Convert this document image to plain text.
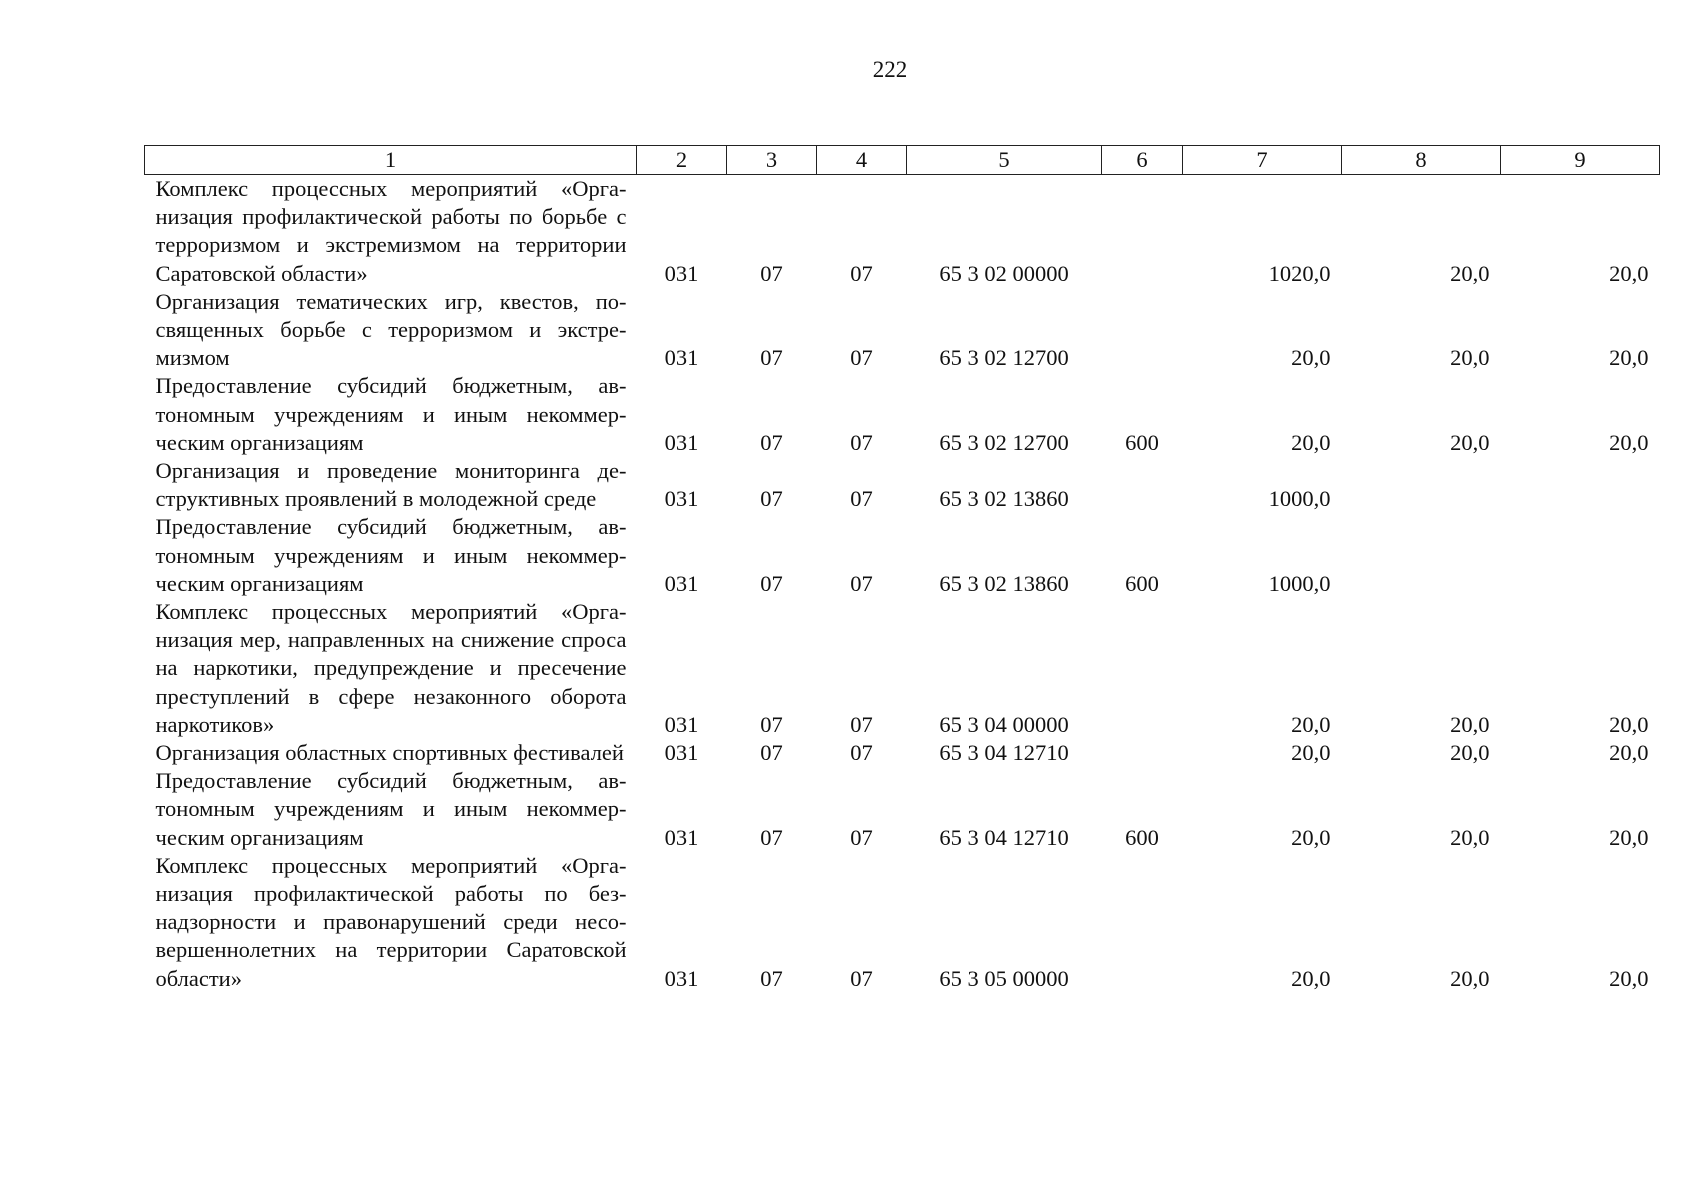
222
1	2	3	4	5	6	7	8	9
Комплекс процессных мероприятий «Организация профилактической работы по борьбе с терроризмом и экстремизмом на территории Саратовской области»	031	07	07	65 3 02 00000		1020,0	20,0	20,0
Организация тематических игр, квестов, посвященных борьбе с терроризмом и экстремизмом	031	07	07	65 3 02 12700		20,0	20,0	20,0
Предоставление субсидий бюджетным, автономным учреждениям и иным некоммерческим организациям	031	07	07	65 3 02 12700	600	20,0	20,0	20,0
Организация и проведение мониторинга деструктивных проявлений в молодежной среде	031	07	07	65 3 02 13860		1000,0		
Предоставление субсидий бюджетным, автономным учреждениям и иным некоммерческим организациям	031	07	07	65 3 02 13860	600	1000,0		
Комплекс процессных мероприятий «Организация мер, направленных на снижение спроса на наркотики, предупреждение и пресечение преступлений в сфере незаконного оборота наркотиков»	031	07	07	65 3 04 00000		20,0	20,0	20,0
Организация областных спортивных фестивалей	031	07	07	65 3 04 12710		20,0	20,0	20,0
Предоставление субсидий бюджетным, автономным учреждениям и иным некоммерческим организациям	031	07	07	65 3 04 12710	600	20,0	20,0	20,0
Комплекс процессных мероприятий «Организация профилактической работы по безнадзорности и правонарушений среди несовершеннолетних на территории Саратовской области»	031	07	07	65 3 05 00000		20,0	20,0	20,0
